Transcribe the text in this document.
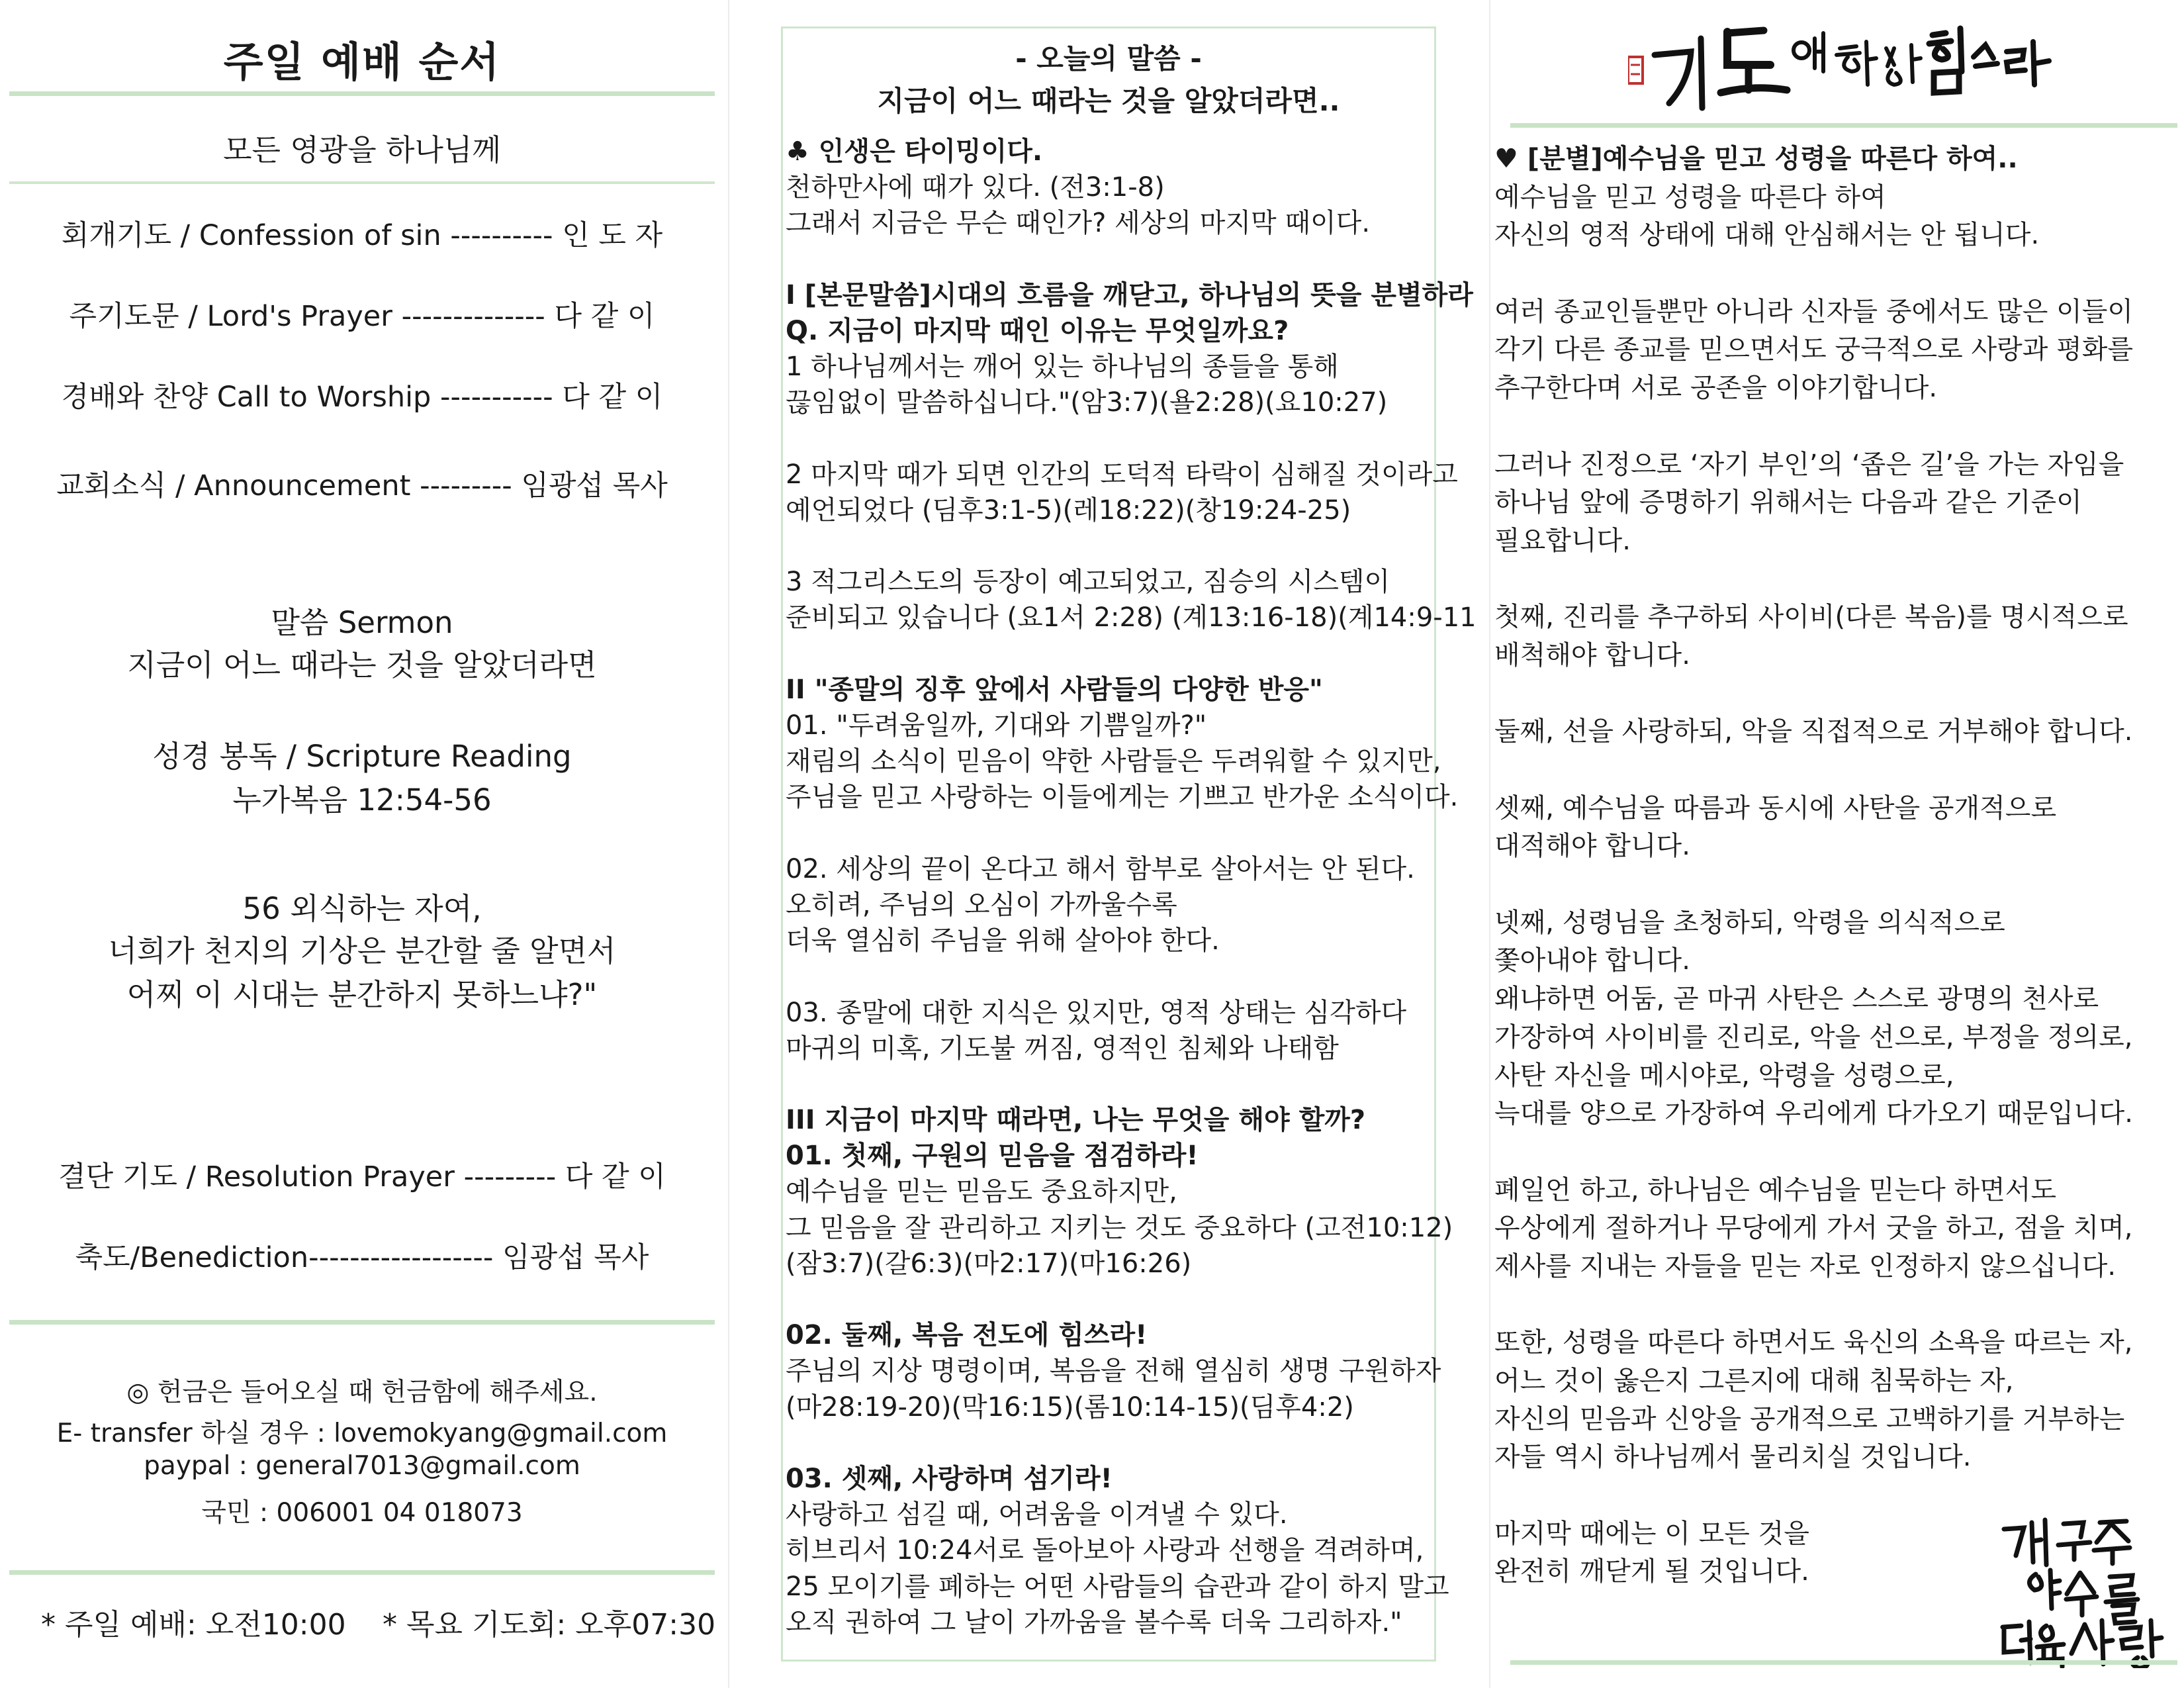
주일 예배 순서
모든 영광을 하나님께
회개기도 / Confession of sin ---------- 인 도 자
주기도문 / Lord's Prayer -------------- 다 같 이
경배와 찬양 Call to Worship ----------- 다 같 이
교회소식 / Announcement --------- 임광섭 목사
말씀 Sermon
지금이 어느 때라는 것을 알았더라면
성경 봉독 / Scripture Reading
누가복음 12:54-56
56 외식하는 자여,
너희가 천지의 기상은 분간할 줄 알면서
어찌 이 시대는 분간하지 못하느냐?"
결단 기도 / Resolution Prayer --------- 다 같 이
축도/Benediction------------------ 임광섭 목사
◎ 헌금은 들어오실 때 헌금함에 해주세요.
E- transfer 하실 경우 : lovemokyang@gmail.com
paypal : general7013@gmail.com
국민 : 006001 04 018073
* 주일 예배: 오전10:00 * 목요 기도회: 오후07:30
- 오늘의 말씀 -
지금이 어느 때라는 것을 알았더라면..
♣ 인생은 타이밍이다.
천하만사에 때가 있다. (전3:1-8)
그래서 지금은 무슨 때인가? 세상의 마지막 때이다.
I [본문말씀]시대의 흐름을 깨닫고, 하나님의 뜻을 분별하라
Q. 지금이 마지막 때인 이유는 무엇일까요?
1 하나님께서는 깨어 있는 하나님의 종들을 통해
끊임없이 말씀하십니다."(암3:7)(욜2:28)(요10:27)
2 마지막 때가 되면 인간의 도덕적 타락이 심해질 것이라고
예언되었다 (딤후3:1-5)(레18:22)(창19:24-25)
3 적그리스도의 등장이 예고되었고, 짐승의 시스템이
준비되고 있습니다 (요1서 2:28) (계13:16-18)(계14:9-11
II "종말의 징후 앞에서 사람들의 다양한 반응"
01. "두려움일까, 기대와 기쁨일까?"
재림의 소식이 믿음이 약한 사람들은 두려워할 수 있지만,
주님을 믿고 사랑하는 이들에게는 기쁘고 반가운 소식이다.
02. 세상의 끝이 온다고 해서 함부로 살아서는 안 된다.
오히려, 주님의 오심이 가까울수록
더욱 열심히 주님을 위해 살아야 한다.
03. 종말에 대한 지식은 있지만, 영적 상태는 심각하다
마귀의 미혹, 기도불 꺼짐, 영적인 침체와 나태함
III 지금이 마지막 때라면, 나는 무엇을 해야 할까?
01. 첫째, 구원의 믿음을 점검하라!
예수님을 믿는 믿음도 중요하지만,
그 믿음을 잘 관리하고 지키는 것도 중요하다 (고전10:12)
(잠3:7)(갈6:3)(마2:17)(마16:26)
02. 둘째, 복음 전도에 힘쓰라!
주님의 지상 명령이며, 복음을 전해 열심히 생명 구원하자
(마28:19-20)(막16:15)(롬10:14-15)(딤후4:2)
03. 셋째, 사랑하며 섬기라!
사랑하고 섬길 때, 어려움을 이겨낼 수 있다.
히브리서 10:24서로 돌아보아 사랑과 선행을 격려하며,
25 모이기를 폐하는 어떤 사람들의 습관과 같이 하지 말고
오직 권하여 그 날이 가까움을 볼수록 더욱 그리하자."
♥ [분별]예수님을 믿고 성령을 따른다 하여..
예수님을 믿고 성령을 따른다 하여
자신의 영적 상태에 대해 안심해서는 안 됩니다.
여러 종교인들뿐만 아니라 신자들 중에서도 많은 이들이
각기 다른 종교를 믿으면서도 궁극적으로 사랑과 평화를
추구한다며 서로 공존을 이야기합니다.
그러나 진정으로 ‘자기 부인’의 ‘좁은 길’을 가는 자임을
하나님 앞에 증명하기 위해서는 다음과 같은 기준이
필요합니다.
첫째, 진리를 추구하되 사이비(다른 복음)를 명시적으로
배척해야 합니다.
둘째, 선을 사랑하되, 악을 직접적으로 거부해야 합니다.
셋째, 예수님을 따름과 동시에 사탄을 공개적으로
대적해야 합니다.
넷째, 성령님을 초청하되, 악령을 의식적으로
쫓아내야 합니다.
왜냐하면 어둠, 곧 마귀 사탄은 스스로 광명의 천사로
가장하여 사이비를 진리로, 악을 선으로, 부정을 정의로,
사탄 자신을 메시야로, 악령을 성령으로,
늑대를 양으로 가장하여 우리에게 다가오기 때문입니다.
폐일언 하고, 하나님은 예수님을 믿는다 하면서도
우상에게 절하거나 무당에게 가서 굿을 하고, 점을 치며,
제사를 지내는 자들을 믿는 자로 인정하지 않으십니다.
또한, 성령을 따른다 하면서도 육신의 소욕을 따르는 자,
어느 것이 옳은지 그른지에 대해 침묵하는 자,
자신의 믿음과 신앙을 공개적으로 고백하기를 거부하는
자들 역시 하나님께서 물리치실 것입니다.
마지막 때에는 이 모든 것을
완전히 깨닫게 될 것입니다.
